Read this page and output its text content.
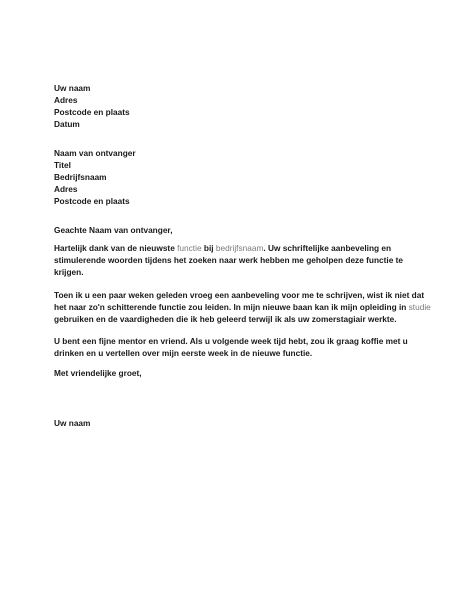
Uw naam
Adres
Postcode en plaats
Datum
Naam van ontvanger
Titel
Bedrijfsnaam
Adres
Postcode en plaats
Geachte Naam van ontvanger,
Hartelijk dank van de nieuwste functie bij bedrijfsnaam. Uw schriftelijke aanbeveling en
stimulerende woorden tijdens het zoeken naar werk hebben me geholpen deze functie te
krijgen.
Toen ik u een paar weken geleden vroeg een aanbeveling voor me te schrijven, wist ik niet dat
het naar zo'n schitterende functie zou leiden. In mijn nieuwe baan kan ik mijn opleiding in studie
gebruiken en de vaardigheden die ik heb geleerd terwijl ik als uw zomerstagiair werkte.
U bent een fijne mentor en vriend. Als u volgende week tijd hebt, zou ik graag koffie met u
drinken en u vertellen over mijn eerste week in de nieuwe functie.
Met vriendelijke groet,
Uw naam
